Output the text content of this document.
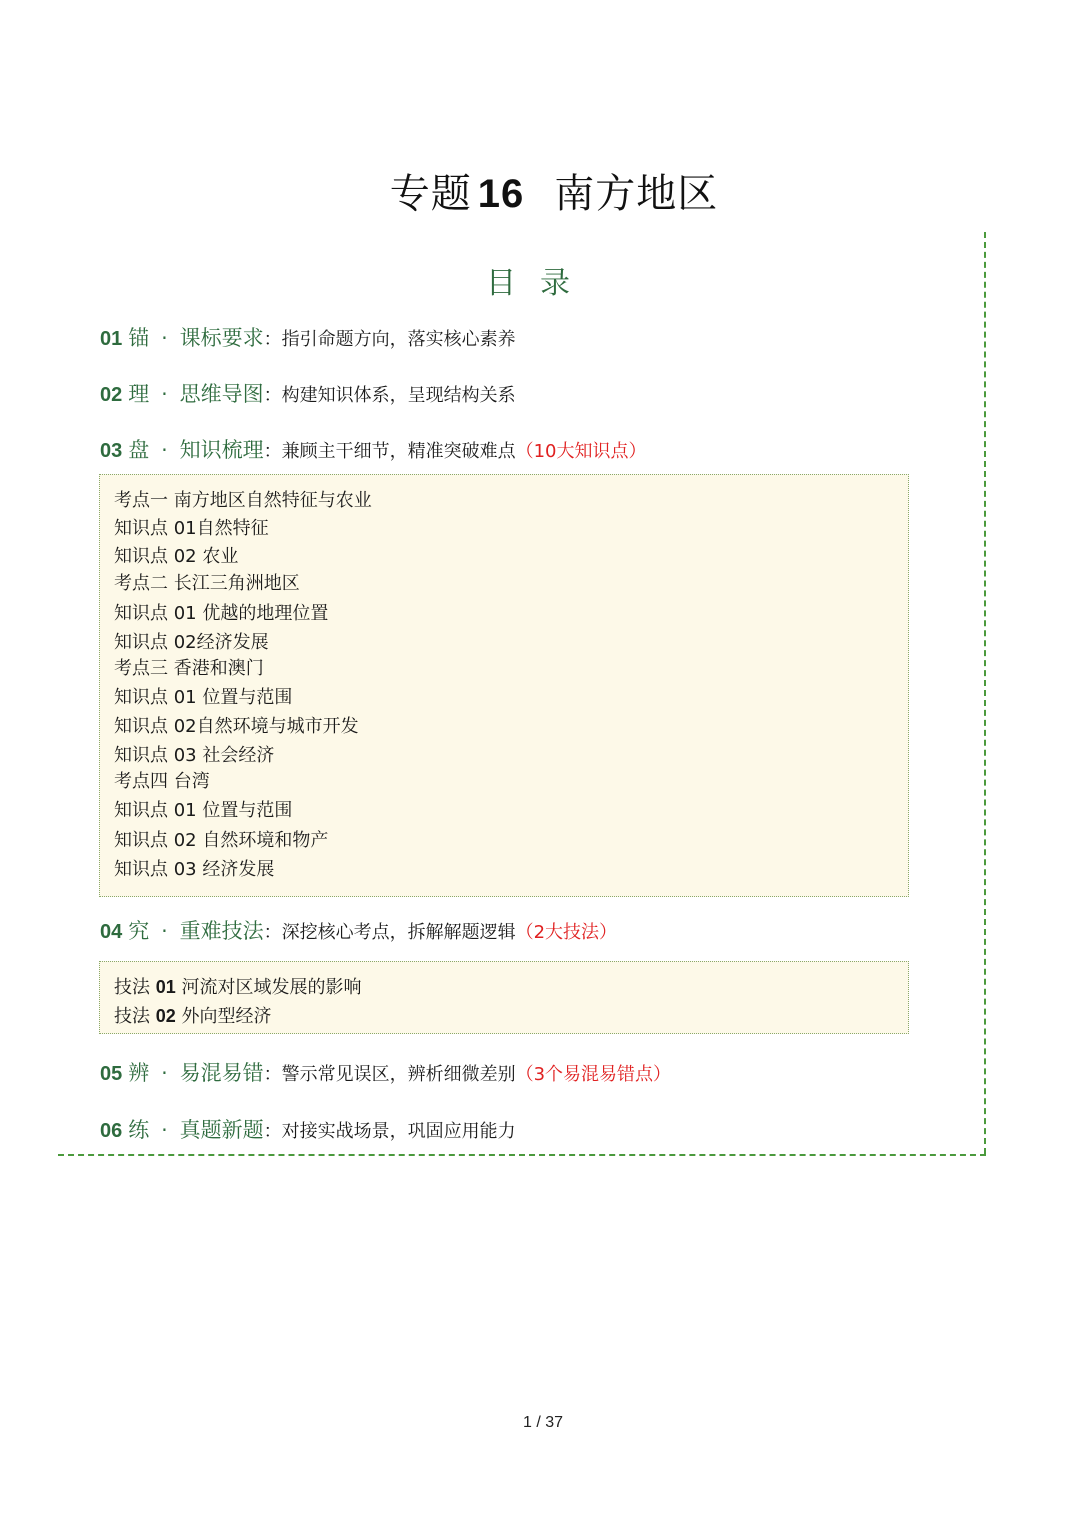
专题 16 南方地区
目录
01 锚 · 课标要求：指引命题方向，落实核心素养
02 理 · 思维导图：构建知识体系，呈现结构关系
03 盘 · 知识梳理：兼顾主干细节，精准突破难点（10大知识点）
考点一 南方地区自然特征与农业
知识点 01自然特征
知识点 02 农业
考点二 长江三角洲地区
知识点 01 优越的地理位置
知识点 02经济发展
考点三 香港和澳门
知识点 01 位置与范围
知识点 02自然环境与城市开发
知识点 03 社会经济
考点四 台湾
知识点 01 位置与范围
知识点 02 自然环境和物产
知识点 03 经济发展
04 究 · 重难技法：深挖核心考点，拆解解题逻辑（2大技法）
技法 01 河流对区域发展的影响
技法 02 外向型经济
05 辨 · 易混易错：警示常见误区，辨析细微差别（3个易混易错点）
06 练 · 真题新题：对接实战场景，巩固应用能力
1 / 37
